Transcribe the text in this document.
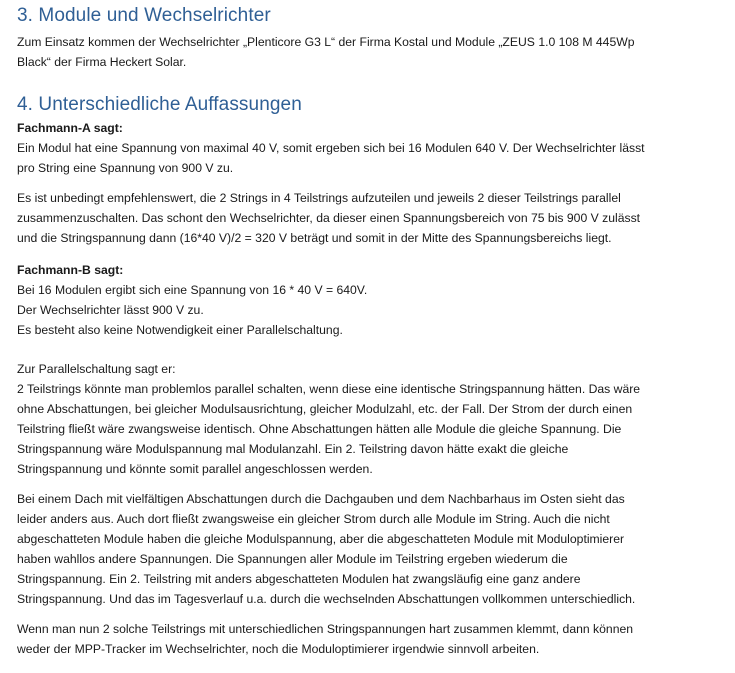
3. Module und Wechselrichter

Zum Einsatz kommen der Wechselrichter „Plenticore G3 L“ der Firma Kostal und Module „ZEUS 1.0 108 M 445Wp
Black“ der Firma Heckert Solar.

4. Unterschiedliche Auffassungen

Fachmann-A sagt:

Ein Modul hat eine Spannung von maximal 40 V, somit ergeben sich bei 16 Modulen 640 V. Der Wechselrichter lässt
pro String eine Spannung von 900 V zu.

Es ist unbedingt empfehlenswert, die 2 Strings in 4 Teilstrings aufzuteilen und jeweils 2 dieser Teilstrings parallel
zusammenzuschalten. Das schont den Wechselrichter, da dieser einen Spannungsbereich von 75 bis 900 V zulässt
und die Stringspannung dann (16*40 V)/2 = 320 V beträgt und somit in der Mitte des Spannungsbereichs liegt.

Fachmann-B sagt:

Bei 16 Modulen ergibt sich eine Spannung von 16 * 40 V = 640V.
Der Wechselrichter lässt 900 V zu.
Es besteht also keine Notwendigkeit einer Parallelschaltung.

Zur Parallelschaltung sagt er:
2 Teilstrings könnte man problemlos parallel schalten, wenn diese eine identische Stringspannung hätten. Das wäre
ohne Abschattungen, bei gleicher Modulsausrichtung, gleicher Modulzahl, etc. der Fall. Der Strom der durch einen
Teilstring fließt wäre zwangsweise identisch. Ohne Abschattungen hätten alle Module die gleiche Spannung. Die
Stringspannung wäre Modulspannung mal Modulanzahl. Ein 2. Teilstring davon hätte exakt die gleiche
Stringspannung und könnte somit parallel angeschlossen werden.

Bei einem Dach mit vielfältigen Abschattungen durch die Dachgauben und dem Nachbarhaus im Osten sieht das
leider anders aus. Auch dort fließt zwangsweise ein gleicher Strom durch alle Module im String. Auch die nicht
abgeschatteten Module haben die gleiche Modulspannung, aber die abgeschatteten Module mit Moduloptimierer
haben wahllos andere Spannungen. Die Spannungen aller Module im Teilstring ergeben wiederum die
Stringspannung. Ein 2. Teilstring mit anders abgeschatteten Modulen hat zwangsläufig eine ganz andere
Stringspannung. Und das im Tagesverlauf u.a. durch die wechselnden Abschattungen vollkommen unterschiedlich.

Wenn man nun 2 solche Teilstrings mit unterschiedlichen Stringspannungen hart zusammen klemmt, dann können
weder der MPP-Tracker im Wechselrichter, noch die Moduloptimierer irgendwie sinnvoll arbeiten.
